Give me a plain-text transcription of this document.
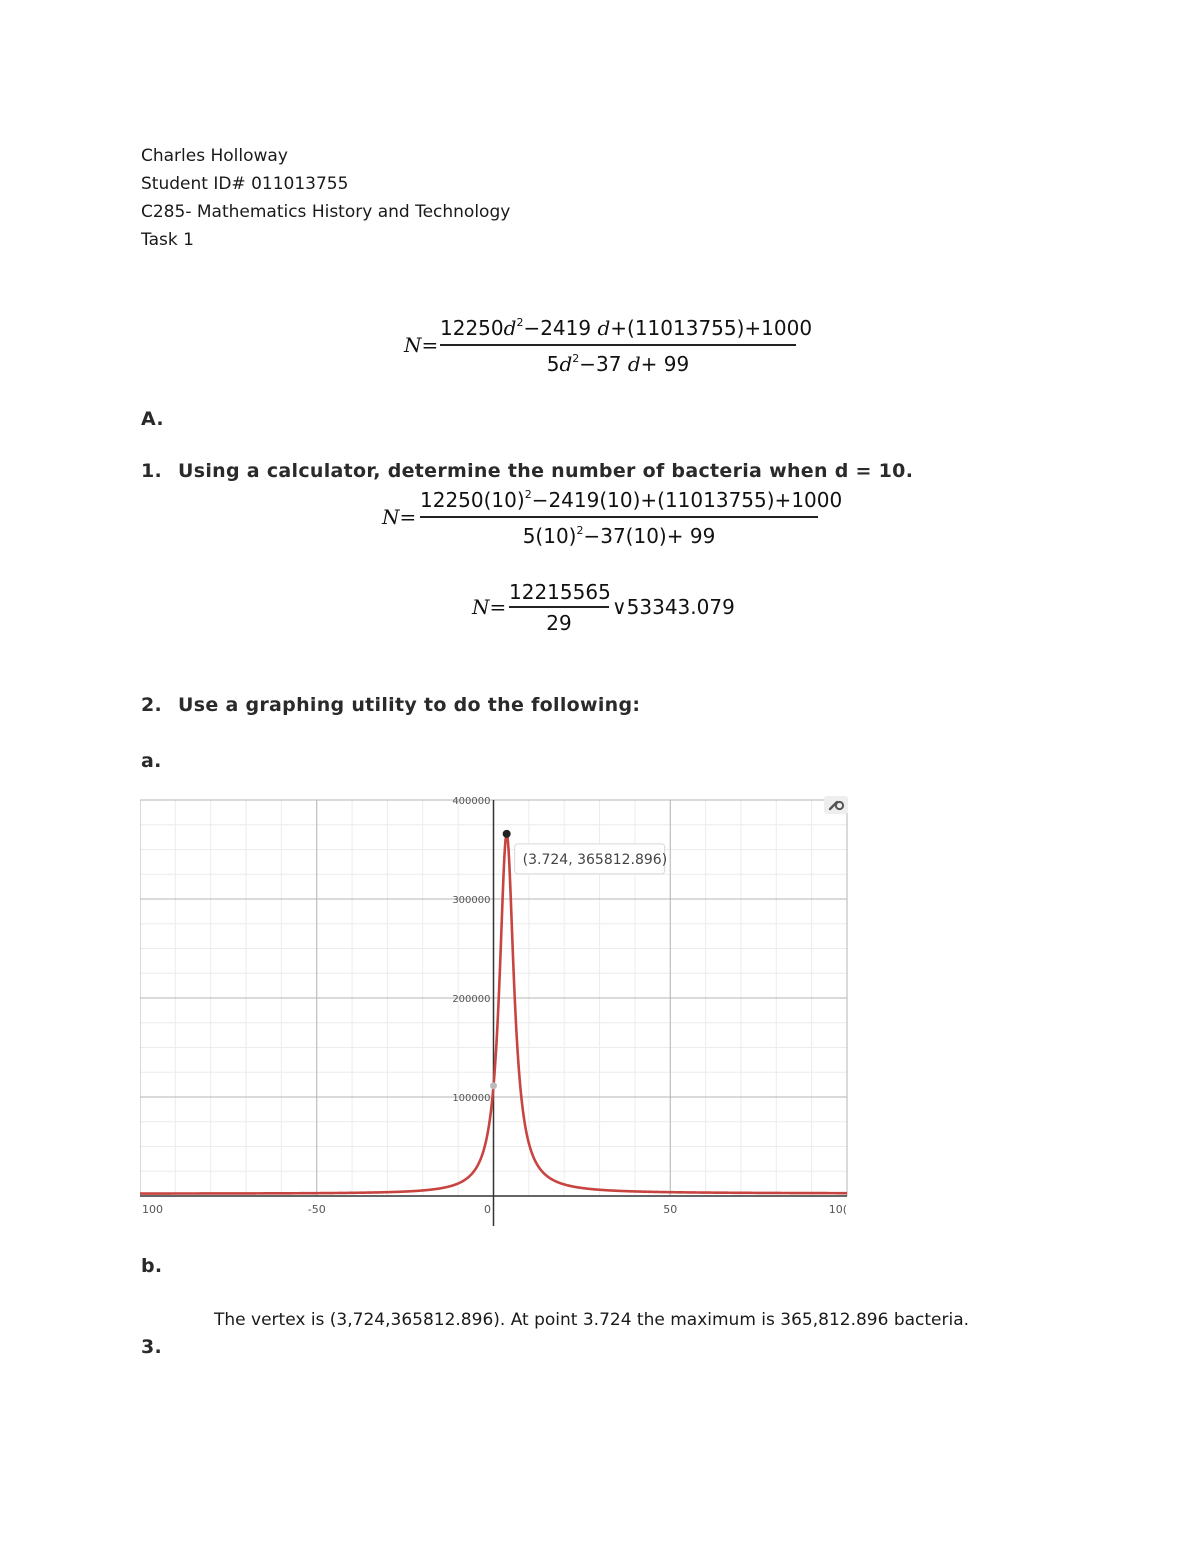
Charles Holloway
Student ID# 011013755
C285- Mathematics History and Technology
Task 1
N=
$12250d^2-2419$ d+(11013755)+1000
$5d^2-37$ d+ 99
A.
1. Using a calculator, determine the number of bacteria when d = 10.
N=
$12250(10)^2-2419(10)+(11013755)+1000$
$5(10)^2-37(10)+ 99$
N=
12215565
29
∨53343.079
2. Use a graphing utility to do the following:
a.
100	-50	0	50	10(
100000
200000
300000
400000
(3.724, 365812.896)
b.
The vertex is (3,724,365812.896). At point 3.724 the maximum is 365,812.896 bacteria.
3.
